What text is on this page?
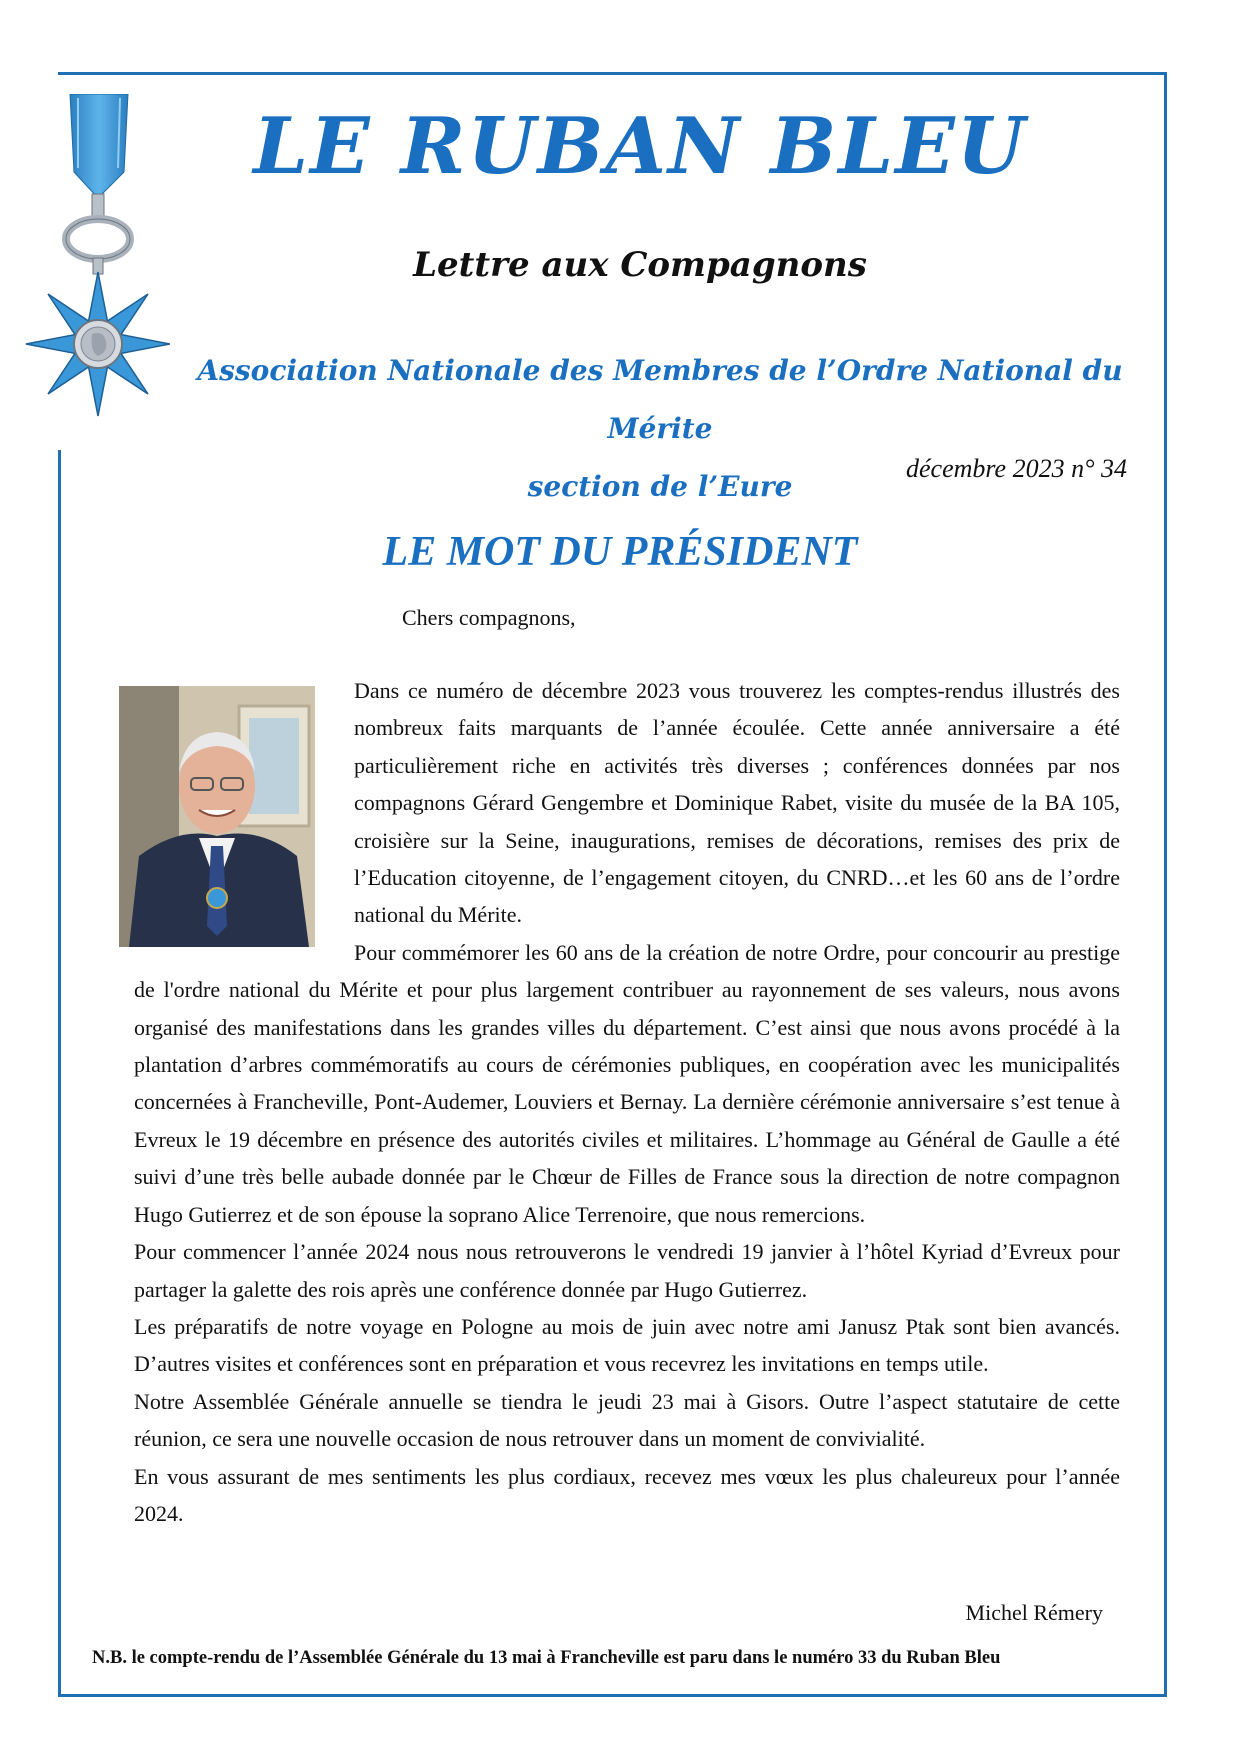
LE RUBAN BLEU
Lettre aux Compagnons
Association Nationale des Membres de l’Ordre National du Mérite
section de l’Eure
décembre 2023 n° 34
LE MOT DU PRÉSIDENT
Chers compagnons,

Dans ce numéro de décembre 2023 vous trouverez les comptes-rendus illustrés des nombreux faits marquants de l’année écoulée. Cette année anniversaire a été particulièrement riche en activités très diverses ; conférences données par nos compagnons Gérard Gengembre et Dominique Rabet, visite du musée de la BA 105, croisière sur la Seine, inaugurations, remises de décorations, remises des prix de l’Education citoyenne, de l’engagement citoyen, du CNRD…et les 60 ans de l’ordre national du Mérite.

Pour commémorer les 60 ans de la création de notre Ordre, pour concourir au prestige de l'ordre national du Mérite et pour plus largement contribuer au rayonnement de ses valeurs, nous avons organisé des manifestations dans les grandes villes du département. C’est ainsi que nous avons procédé à la plantation d’arbres commémoratifs au cours de cérémonies publiques, en coopération avec les municipalités concernées à Francheville, Pont-Audemer, Louviers et Bernay. La dernière cérémonie anniversaire s’est tenue à Evreux le 19 décembre en présence des autorités civiles et militaires. L’hommage au Général de Gaulle a été suivi d’une très belle aubade donnée par le Chœur de Filles de France sous la direction de notre compagnon Hugo Gutierrez et de son épouse la soprano Alice Terrenoire, que nous remercions.

Pour commencer l’année 2024 nous nous retrouverons le vendredi 19 janvier à l’hôtel Kyriad d’Evreux pour partager la galette des rois après une conférence donnée par Hugo Gutierrez.

Les préparatifs de notre voyage en Pologne au mois de juin avec notre ami Janusz Ptak sont bien avancés. D’autres visites et conférences sont en préparation et vous recevrez les invitations en temps utile.

Notre Assemblée Générale annuelle se tiendra le jeudi 23 mai à Gisors. Outre l’aspect statutaire de cette réunion, ce sera une nouvelle occasion de nous retrouver dans un moment de convivialité.

En vous assurant de mes sentiments les plus cordiaux, recevez mes vœux les plus chaleureux pour l’année 2024.

Michel Rémery
N.B. le compte-rendu de l’Assemblée Générale du 13 mai à Francheville est paru dans le numéro 33 du Ruban Bleu
